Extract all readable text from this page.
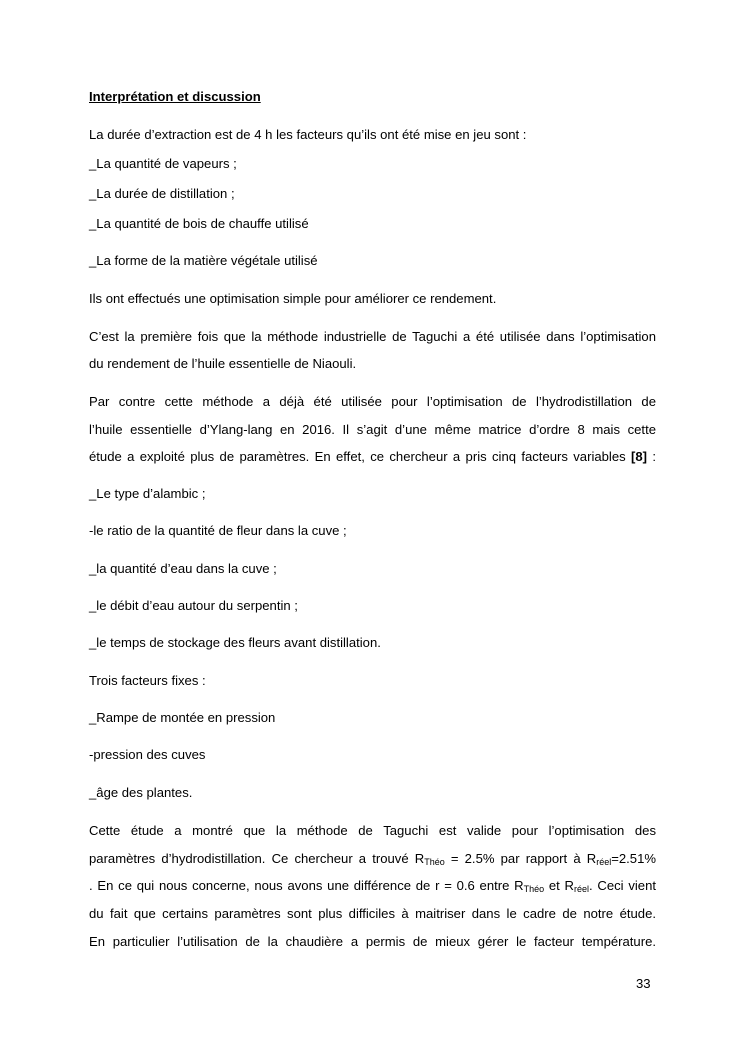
Interprétation et discussion
La durée d’extraction est de 4 h les facteurs qu’ils ont été mise en jeu sont :
_La quantité de vapeurs ;
_La durée de distillation ;
_La quantité de bois de chauffe utilisé
_La forme de la matière végétale utilisé
Ils ont effectués une optimisation simple pour améliorer ce rendement.
C’est la première fois que la méthode industrielle de Taguchi a été utilisée dans l’optimisation
du rendement de l’huile essentielle de Niaouli.
Par contre cette méthode a déjà été utilisée pour l’optimisation de l’hydrodistillation de
l’huile essentielle d’Ylang-lang en 2016. Il s’agit d’une même matrice d’ordre 8 mais cette
étude a exploité plus de paramètres. En effet, ce chercheur a pris cinq facteurs variables [8] :
_Le type d’alambic ;
-le ratio de la quantité de fleur dans la cuve ;
_la quantité d’eau dans la cuve ;
_le débit d’eau autour du serpentin ;
_le temps de stockage des fleurs avant distillation.
Trois facteurs fixes :
_Rampe de montée en pression
-pression des cuves
_âge des plantes.
Cette étude a montré que la méthode de Taguchi est valide pour l’optimisation des
paramètres d’hydrodistillation. Ce chercheur a trouvé $R_{Théo} = 2.5\%$ par rapport à $R_{réel}=2.51\%$
. En ce qui nous concerne, nous avons une différence de r = 0.6 entre $R_{Théo}$ et $R_{réel}$. Ceci vient
du fait que certains paramètres sont plus difficiles à maitriser dans le cadre de notre étude.
En particulier l’utilisation de la chaudière a permis de mieux gérer le facteur température.
33
